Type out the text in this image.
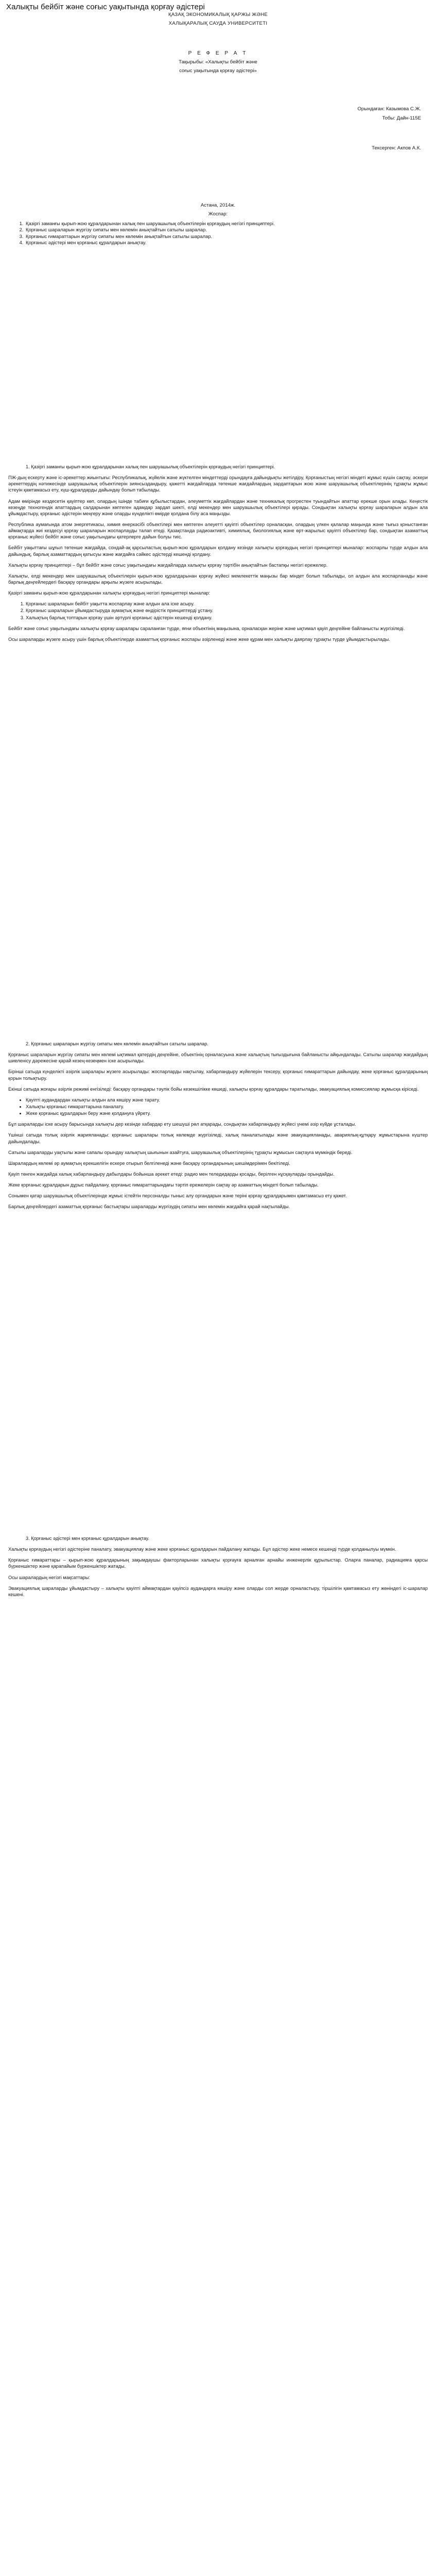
Халықты бейбіт және соғыс уақытында қорғау әдістері

ҚАЗАҚ ЭКОНОМИКАЛЫҚ ҚАРЖЫ ЖӘНЕ

ХАЛЫҚАРАЛЫҚ САУДА УНИВЕРСИТЕТІ

Р Е Ф Е Р А Т

Тақырыбы: «Халықты бейбіт және

соғыс уақытында қорғау әдістері»

Орындаған: Казымова С.Ж.

Тобы: Дайн-115Е

Тексерген: Акпов А.К.

Астана, 2014ж.

Жоспар:

1. Қазіргі заманғы қырып-жою құралдарынан халық пен шаруашылық объектілерін қорғаудың негізгі принциптері.
2. Қорғаныс шараларын жүргізу сипаты мен көлемін анықтайтын сатылы шаралар.
3. Қорғаныс ғимараттарын жүргізу сипаты мен көлемін анықтайтын сатылы шаралар.
4. Қорғаныс әдістері мен қорғаныс құралдарын анықтау.

1. Қазіргі заманғы қырып-жою құралдарынан халық пен шаруашылық объектілерін қорғаудың негізгі принциптері.

ПЖ-дың ескерту және іс-әрекеттер жиынтығы: Республикалық, жүйелік және жүктелген міндеттерді орындауға дайындықты жетілдіру, Қорғаныстың негізгі міндеті жұмыс күшін сақтау, әскери әрекеттердің нәтижесінде шаруашылық объектілерін зиянсыздандыру, қажетті жағдайларда төтенше жағдайлардың зардаптарын жою және шаруашылық объектілерінің тұрақты жұмыс істеуін қамтамасыз ету, күш-құралдарды дайындау болып табылады.

Адам өмірінде кездесетін қауіптер көп, олардың ішінде табиғи құбылыстардан, әлеуметтік жағдайлардан және техникалық прогрестен туындайтын апаттар ерекше орын алады. Кеңестік кезеңде техногендік апаттардың салдарынан көптеген адамдар зардап шекті, елді мекендер мен шаруашылық объектілері қирады. Сондықтан халықты қорғау шараларын алдын ала ұйымдастыру, қорғаныс әдістерін меңгеру және оларды күнделікті өмірде қолдана білу аса маңызды.

Республика аумағында атом энергетикасы, химия өнеркәсібі объектілері мен көптеген әлеуетті қауіпті объектілер орналасқан, олардың үлкен қалалар маңында және тығыз қоныстанған аймақтарда жиі кездесуі қорғау шараларын жоспарлауды талап етеді. Қазақстанда радиоактивті, химиялық, биологиялық және өрт-жарылыс қауіпті объектілер бар, сондықтан азаматтық қорғаныс жүйесі бейбіт және соғыс уақытындағы қатерлерге дайын болуы тиіс.

Бейбіт уақыттағы шұғыл төтенше жағдайда, сондай-ақ қарсыластың қырып-жою құралдарын қолдану кезінде халықты қорғаудың негізгі принциптері мыналар: жоспарлы түрде алдын ала дайындық, барлық азаматтардың қатысуы және жағдайға сәйкес әдістерді кешенді қолдану.

Халықты қорғау принциптері – бұл бейбіт және соғыс уақытындағы жағдайларда халықты қорғау тәртібін анықтайтын бастапқы негізгі ережелер.

Халықты, елді мекендер мен шаруашылық объектілерін қырып-жою құралдарынан қорғау жүйесі мемлекеттік маңызы бар міндет болып табылады, ол алдын ала жоспарланады және барлық деңгейлердегі басқару органдары арқылы жүзеге асырылады.

Қазіргі заманғы қырып-жою құралдарынан халықты қорғаудың негізгі принциптері мыналар:

1. Қорғаныс шараларын бейбіт уақытта жоспарлау және алдын ала іске асыру.
2. Қорғаныс шараларын ұйымдастыруда аумақтық және өндірістік принциптерді ұстану.
3. Халықтың барлық топтарын қорғау үшін әртүрлі қорғаныс әдістерін кешенді қолдану.

Бейбіт және соғыс уақытындағы халықты қорғау шаралары сараланған түрде, яғни объектінің маңызына, орналасқан жеріне және ықтимал қауіп деңгейіне байланысты жүргізіледі.

Осы шараларды жүзеге асыру үшін барлық объектілерде азаматтық қорғаныс жоспары әзірленеді және жеке құрам мен халықты даярлау тұрақты түрде ұйымдастырылады.

2. Қорғаныс шараларын жүргізу сипаты мен көлемін анықтайтын сатылы шаралар.

Қорғаныс шараларын жүргізу сипаты мен көлемі ықтимал қатердің деңгейіне, объектінің орналасуына және халықтың тығыздығына байланысты айқындалады. Сатылы шаралар жағдайдың шиеленісу дәрежесіне қарай кезең-кезеңмен іске асырылады.

Бірінші сатыда күнделікті әзірлік шаралары жүзеге асырылады: жоспарларды нақтылау, хабарландыру жүйелерін тексеру, қорғаныс ғимараттарын дайындау, жеке қорғаныс құралдарының қорын толықтыру.

Екінші сатыда жоғары әзірлік режимі енгізіледі: басқару органдары тәулік бойы кезекшілікке көшеді, халықты қорғау құралдары таратылады, эвакуациялық комиссиялар жұмысқа кіріседі.

• Қауіпті аудандардан халықты алдын ала көшіру және тарату.
• Халықты қорғаныс ғимараттарына паналату.
• Жеке қорғаныс құралдарын беру және қолдануға үйрету.

Бұл шараларды іске асыру барысында халықты дер кезінде хабардар ету шешуші рөл атқарады, сондықтан хабарландыру жүйесі үнемі әзір күйде ұсталады.

Үшінші сатыда толық әзірлік жарияланады: қорғаныс шаралары толық көлемде жүргізіледі, халық паналатылады және эвакуацияланады, авариялық-құтқару жұмыстарына күштер дайындалады.

Сатылы шараларды уақтылы және сапалы орындау халықтың шығынын азайтуға, шаруашылық объектілерінің тұрақты жұмысын сақтауға мүмкіндік береді.

Шаралардың көлемі әр аумақтың ерекшелігін ескере отырып белгіленеді және басқару органдарының шешімдерімен бекітіледі.

Қауіп төнген жағдайда халық хабарландыру дабылдары бойынша әрекет етеді: радио мен теледидарды қосады, берілген нұсқауларды орындайды.

Жеке қорғаныс құралдарын дұрыс пайдалану, қорғаныс ғимараттарындағы тәртіп ережелерін сақтау әр азаматтың міндеті болып табылады.

Сонымен қатар шаруашылық объектілерінде жұмыс істейтін персоналды тыныс алу органдарын және теріні қорғау құралдарымен қамтамасыз ету қажет.

Барлық деңгейлердегі азаматтық қорғаныс бастықтары шараларды жүргізудің сипаты мен көлемін жағдайға қарай нақтылайды.

3. Қорғаныс әдістері мен қорғаныс құралдарын анықтау.

Халықты қорғаудың негізгі әдістеріне паналату, эвакуациялау және жеке қорғаныс құралдарын пайдалану жатады. Бұл әдістер жеке немесе кешенді түрде қолданылуы мүмкін.

Қорғаныс ғимараттары – қырып-жою құралдарының зақымдаушы факторларынан халықты қорғауға арналған арнайы инженерлік құрылыстар. Оларға паналар, радиацияға қарсы бүркеншіктер және қарапайым бүркеншіктер жатады.

Осы шаралардың негізгі мақсаттары:

Эвакуациялық шараларды ұйымдастыру – халықты қауіпті аймақтардан қауіпсіз аудандарға көшіру және оларды сол жерде орналастыру, тіршілігін қамтамасыз ету жөніндегі іс-шаралар кешені.
